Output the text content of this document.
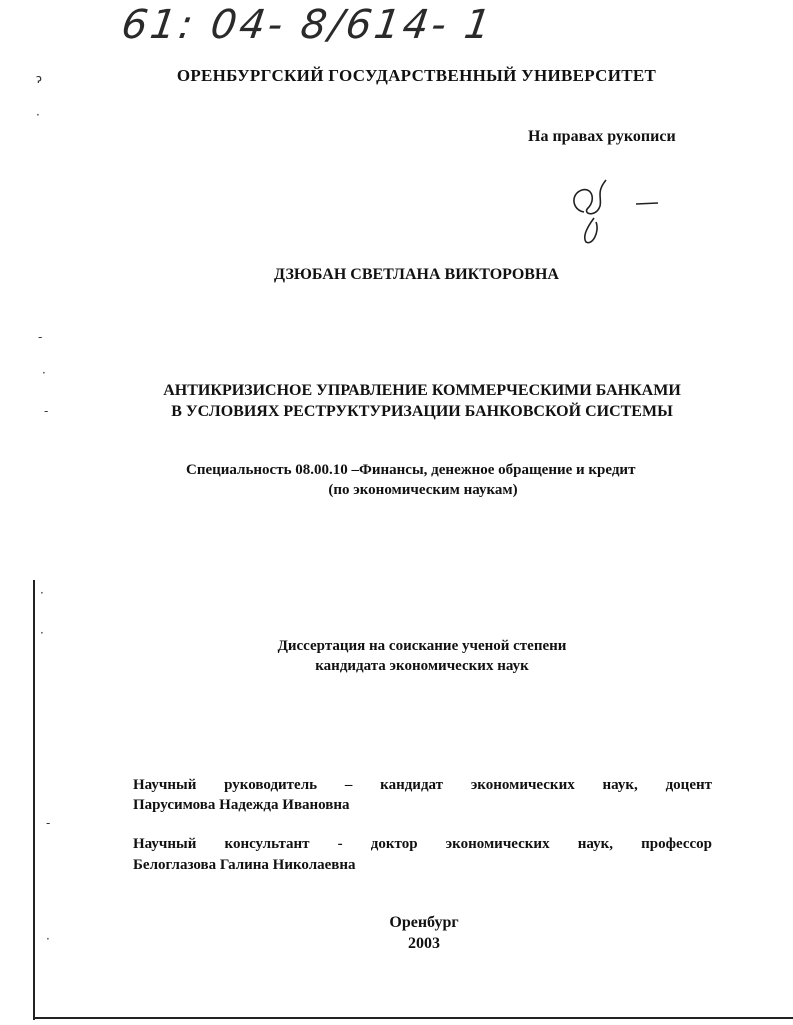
61: 04- 8/614- 1
ОРЕНБУРГСКИЙ ГОСУДАРСТВЕННЫЙ УНИВЕРСИТЕТ
На правах рукописи
ДЗЮБАН СВЕТЛАНА ВИКТОРОВНА
АНТИКРИЗИСНОЕ УПРАВЛЕНИЕ КОММЕРЧЕСКИМИ БАНКАМИ
В УСЛОВИЯХ РЕСТРУКТУРИЗАЦИИ БАНКОВСКОЙ СИСТЕМЫ
Специальность 08.00.10 –Финансы, денежное обращение и кредит
(по экономическим наукам)
Диссертация на соискание ученой степени
кандидата экономических наук
Научный руководитель – кандидат экономических наук, доцент
Парусимова Надежда Ивановна
Научный консультант - доктор экономических наук, профессор
Белоглазова Галина Николаевна
Оренбург
2003
ɂ
·
-
·
-
·
·
-
·
